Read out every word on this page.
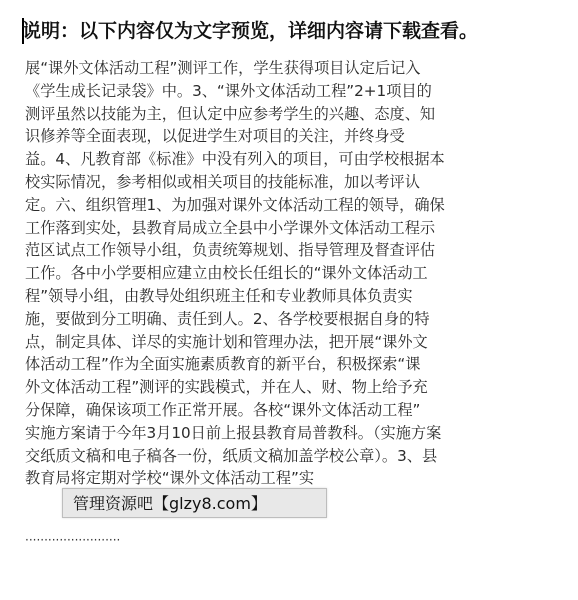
说明：以下内容仅为文字预览，详细内容请下载查看。
展“课外文体活动工程”测评工作，学生获得项目认定后记入
《学生成长记录袋》中。3、“课外文体活动工程”2+1项目的
测评虽然以技能为主，但认定中应参考学生的兴趣、态度、知
识修养等全面表现，以促进学生对项目的关注，并终身受
益。4、凡教育部《标准》中没有列入的项目，可由学校根据本
校实际情况，参考相似或相关项目的技能标准，加以考评认
定。六、组织管理1、为加强对课外文体活动工程的领导，确保
工作落到实处，县教育局成立全县中小学课外文体活动工程示
范区试点工作领导小组，负责统筹规划、指导管理及督查评估
工作。各中小学要相应建立由校长任组长的“课外文体活动工
程”领导小组，由教导处组织班主任和专业教师具体负责实
施，要做到分工明确、责任到人。2、各学校要根据自身的特
点，制定具体、详尽的实施计划和管理办法，把开展“课外文
体活动工程”作为全面实施素质教育的新平台，积极探索“课
外文体活动工程”测评的实践模式，并在人、财、物上给予充
分保障，确保该项工作正常开展。各校“课外文体活动工程”
实施方案请于今年3月10日前上报县教育局普教科。（实施方案
交纸质文稿和电子稿各一份，纸质文稿加盖学校公章）。3、县
教育局将定期对学校“课外文体活动工程”实
管理资源吧【glzy8.com】
·························
